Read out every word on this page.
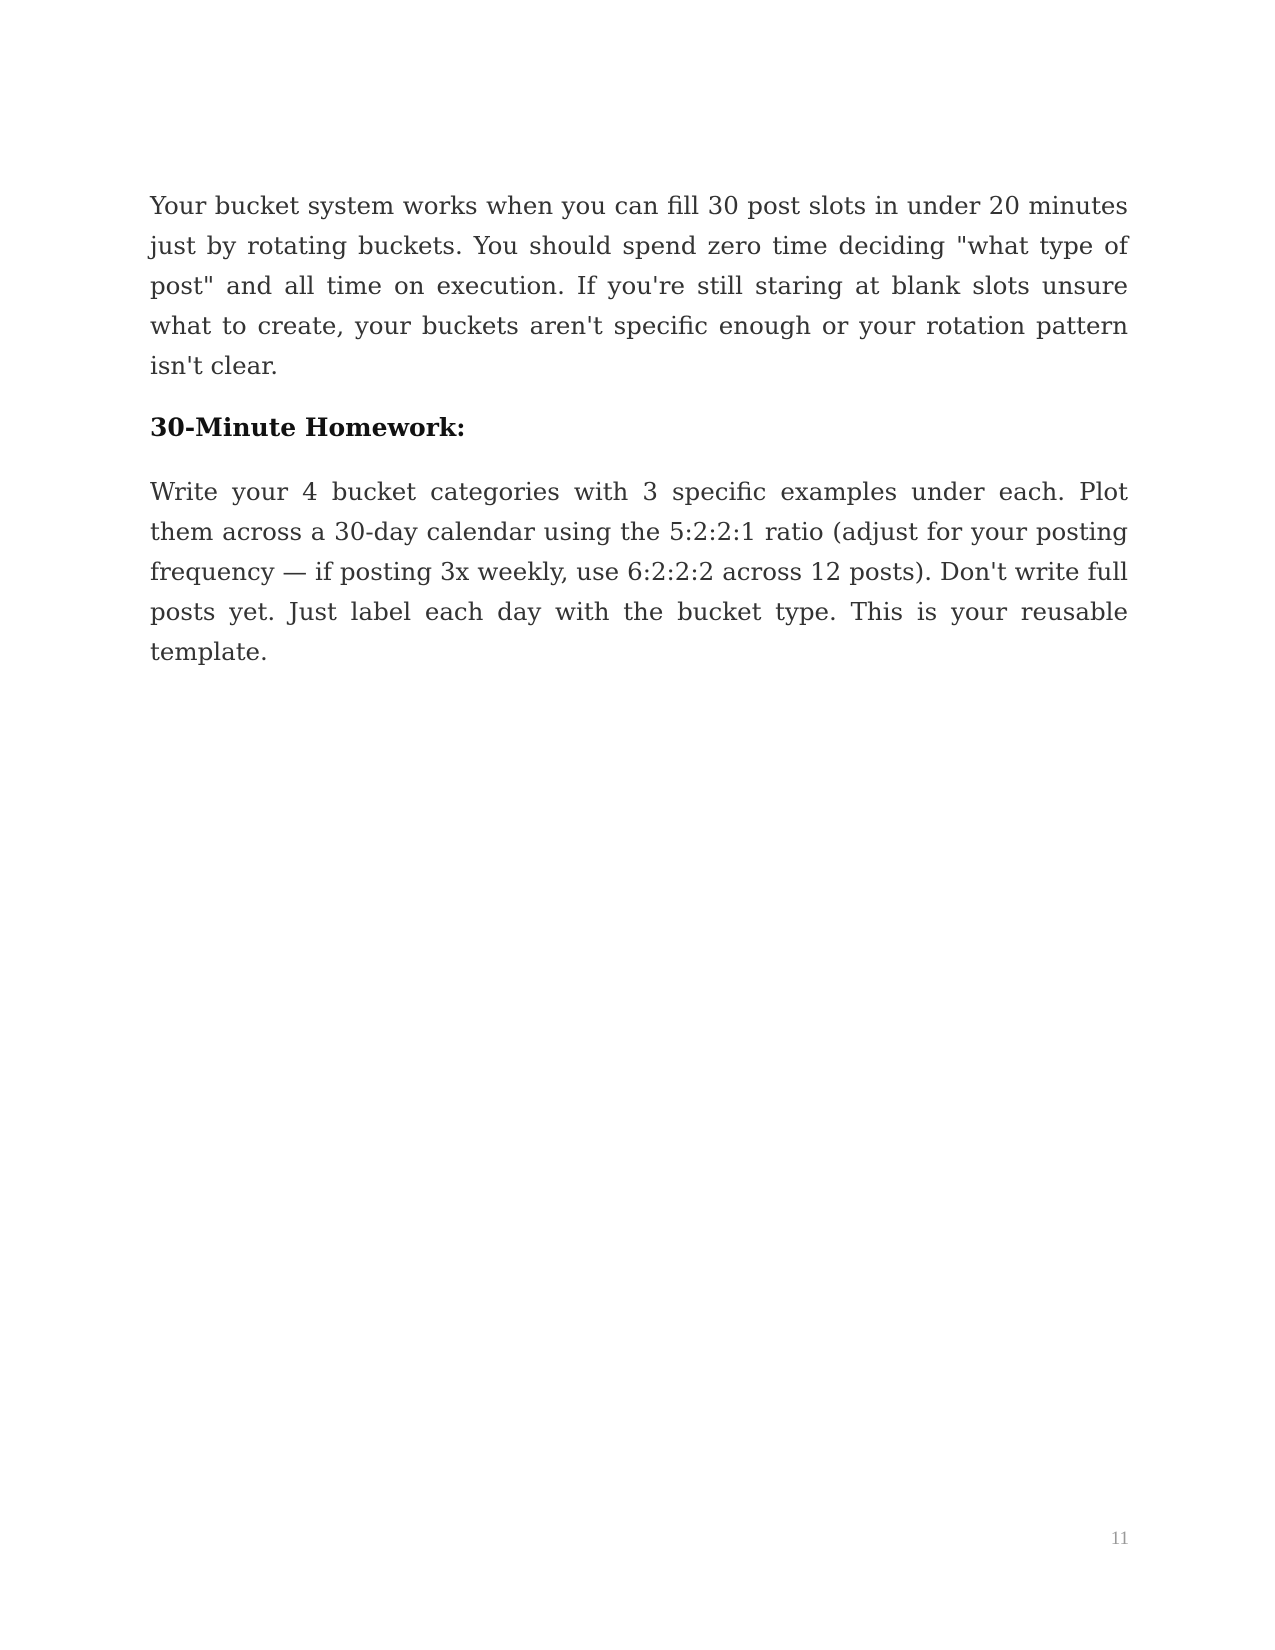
Your bucket system works when you can fill 30 post slots in under 20 minutes just by rotating buckets. You should spend zero time deciding "what type of post" and all time on execution. If you're still staring at blank slots unsure what to create, your buckets aren't specific enough or your rotation pattern isn't clear.

30-Minute Homework:

Write your 4 bucket categories with 3 specific examples under each. Plot them across a 30-day calendar using the 5:2:2:1 ratio (adjust for your posting frequency — if posting 3x weekly, use 6:2:2:2 across 12 posts). Don't write full posts yet. Just label each day with the bucket type. This is your reusable template.

11
